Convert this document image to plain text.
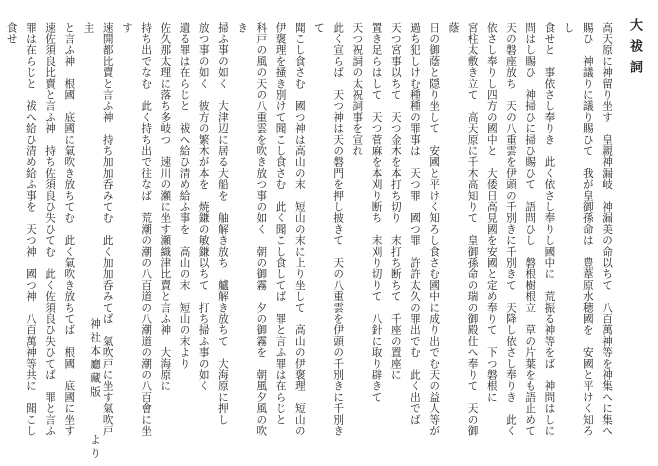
大祓詞
高天原に神留り坐す　皇親神漏岐　神漏美の命以ちて　八百萬神等を神集へに集へ
賜ひ　神議りに議り賜ひて　我が皇御孫命は　豊葦原水穂國を　安國と平けく知ろし
食せと　事依さし奉りき　此く依さし奉りし國中に　荒振る神等をば　神問はしに
問はし賜ひ　神掃ひに掃ひ賜ひて　語問ひし　磐根樹根立　草の片葉をも語止めて
天の磐座放ち　天の八重雲を伊頭の千別きに千別きて　天降し依さし奉りき　此く
依さし奉りし四方の國中と　大倭日高見國を安國と定め奉りて　下つ磐根に
宮柱太敷き立て　高天原に千木高知りて　皇御孫命の瑞の御殿仕へ奉りて　天の御蔭
日の御蔭と隠り坐して　安國と平けく知ろし食さむ國中に成り出でむ天の益人等が
過ち犯しけむ種種の罪事は　天つ罪　國つ罪　許許太久の罪出でむ　此く出でば
天つ宮事以ちて　天つ金木を本打ち切り　末打ち断ちて　千座の置座に
置き足らはして　天つ菅麻を本刈り断ち　末刈り切りて　八針に取り辟きて
天つ祝詞の太祝詞事を宣れ
此く宣らば　天つ神は天の磐門を押し披きて　天の八重雲を伊頭の千別きに千別きて
聞こし食さむ　國つ神は高山の末　短山の末に上り坐して　高山の伊褒理　短山の
伊褒理を掻き別けて聞こし食さむ　此く聞こし食してば　罪と言ふ罪は在らじと
科戸の風の天の八重雲を吹き放つ事の如く　朝の御霧　夕の御霧を　朝風夕風の吹き
掃ふ事の如く　大津辺に居る大船を　舳解き放ち　艫解き放ちて　大海原に押し
放つ事の如く　彼方の繁木が本を　焼鎌の敏鎌以ちて　打ち掃ふ事の如く
遺る罪は在らじと　祓へ給ひ清め給ふ事を　高山の末　短山の末より
佐久那太理に落ち多岐つ　速川の瀬に坐す瀬織津比賣と言ふ神　大海原に
持ち出でなむ　此く持ち出で往なば　荒潮の潮の八百道の八潮道の潮の八百會に坐す
速開都比賣と言ふ神　持ち加加呑みてむ　此く加加呑みてば　氣吹戸に坐す氣吹戸主
と言ふ神　根國　底國に氣吹き放ちてむ　此く氣吹き放ちてば　根國　底國に坐す
速佐須良比賣と言ふ神　持ち佐須良ひ失ひてむ　此く佐須良ひ失ひてば　罪と言ふ
罪は在らじと　祓へ給ひ清め給ふ事を　天つ神　國つ神　八百萬神等共に　聞こし食せ
神社本廳藏版より
